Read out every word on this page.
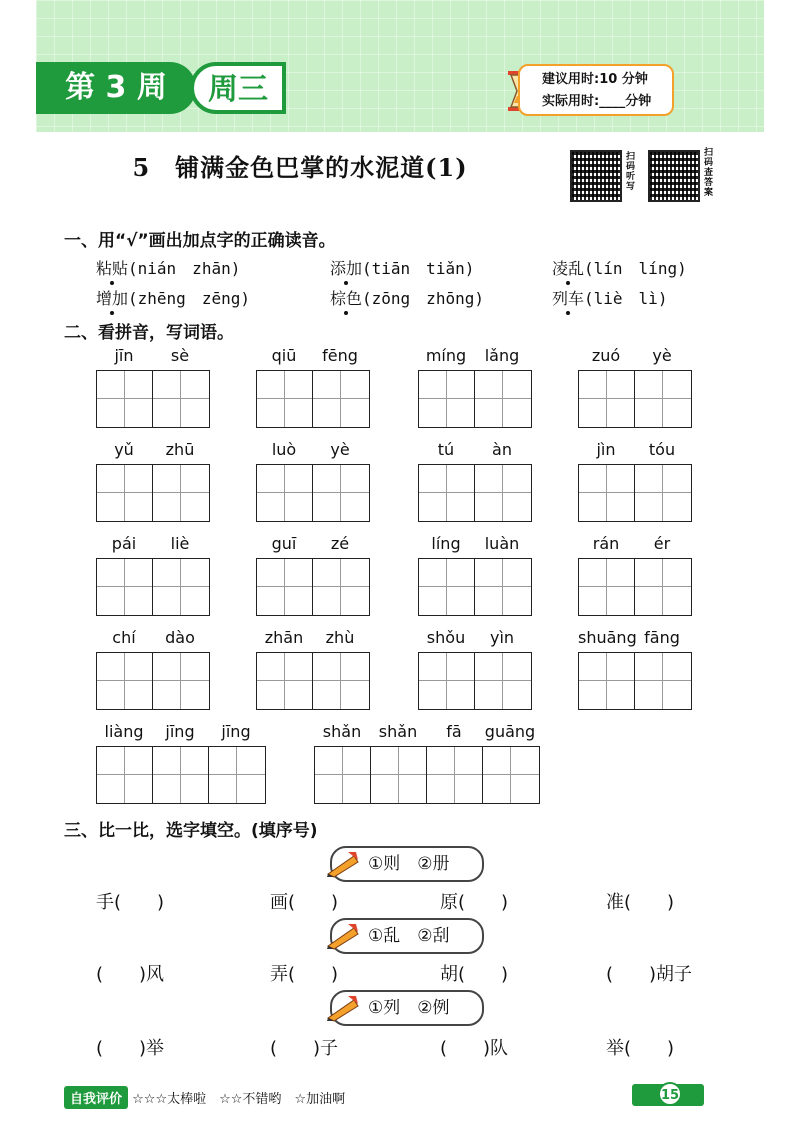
第 3 周	周三	建议用时:10 分钟
实际用时:____分钟
5　铺满金色巴掌的水泥道(1)	扫码听写
扫码查答案
一、用“√”画出加点字的正确读音。
粘贴(nián　zhān)	添加(tiān　tiǎn)	凌乱(lín　líng)
增加(zhēng　zēng)	棕色(zōng　zhōng)	列车(liè　lì)
二、看拼音，写词语。
jīn	sè	qiū	fēng	míng	lǎng	zuó	yè
yǔ	zhū	luò	yè	tú	àn	jìn	tóu
pái	liè	guī	zé	líng	luàn	rán	ér
chí	dào	zhān	zhù	shǒu	yìn	shuāng fāng
liàng	jīng	jīng	shǎn	shǎn	fā	guāng
三、比一比，选字填空。(填序号)
①则　②册
手(　　)	画(　　)	原(　　)	准(　　)
①乱　②刮
(　　)风	弄(　　)	胡(　　)	(　　)胡子
①列　②例
(　　)举	(　　)子	(　　)队	举(　　)
自我评价 ☆☆☆太棒啦　☆☆不错哟　☆加油啊	15
